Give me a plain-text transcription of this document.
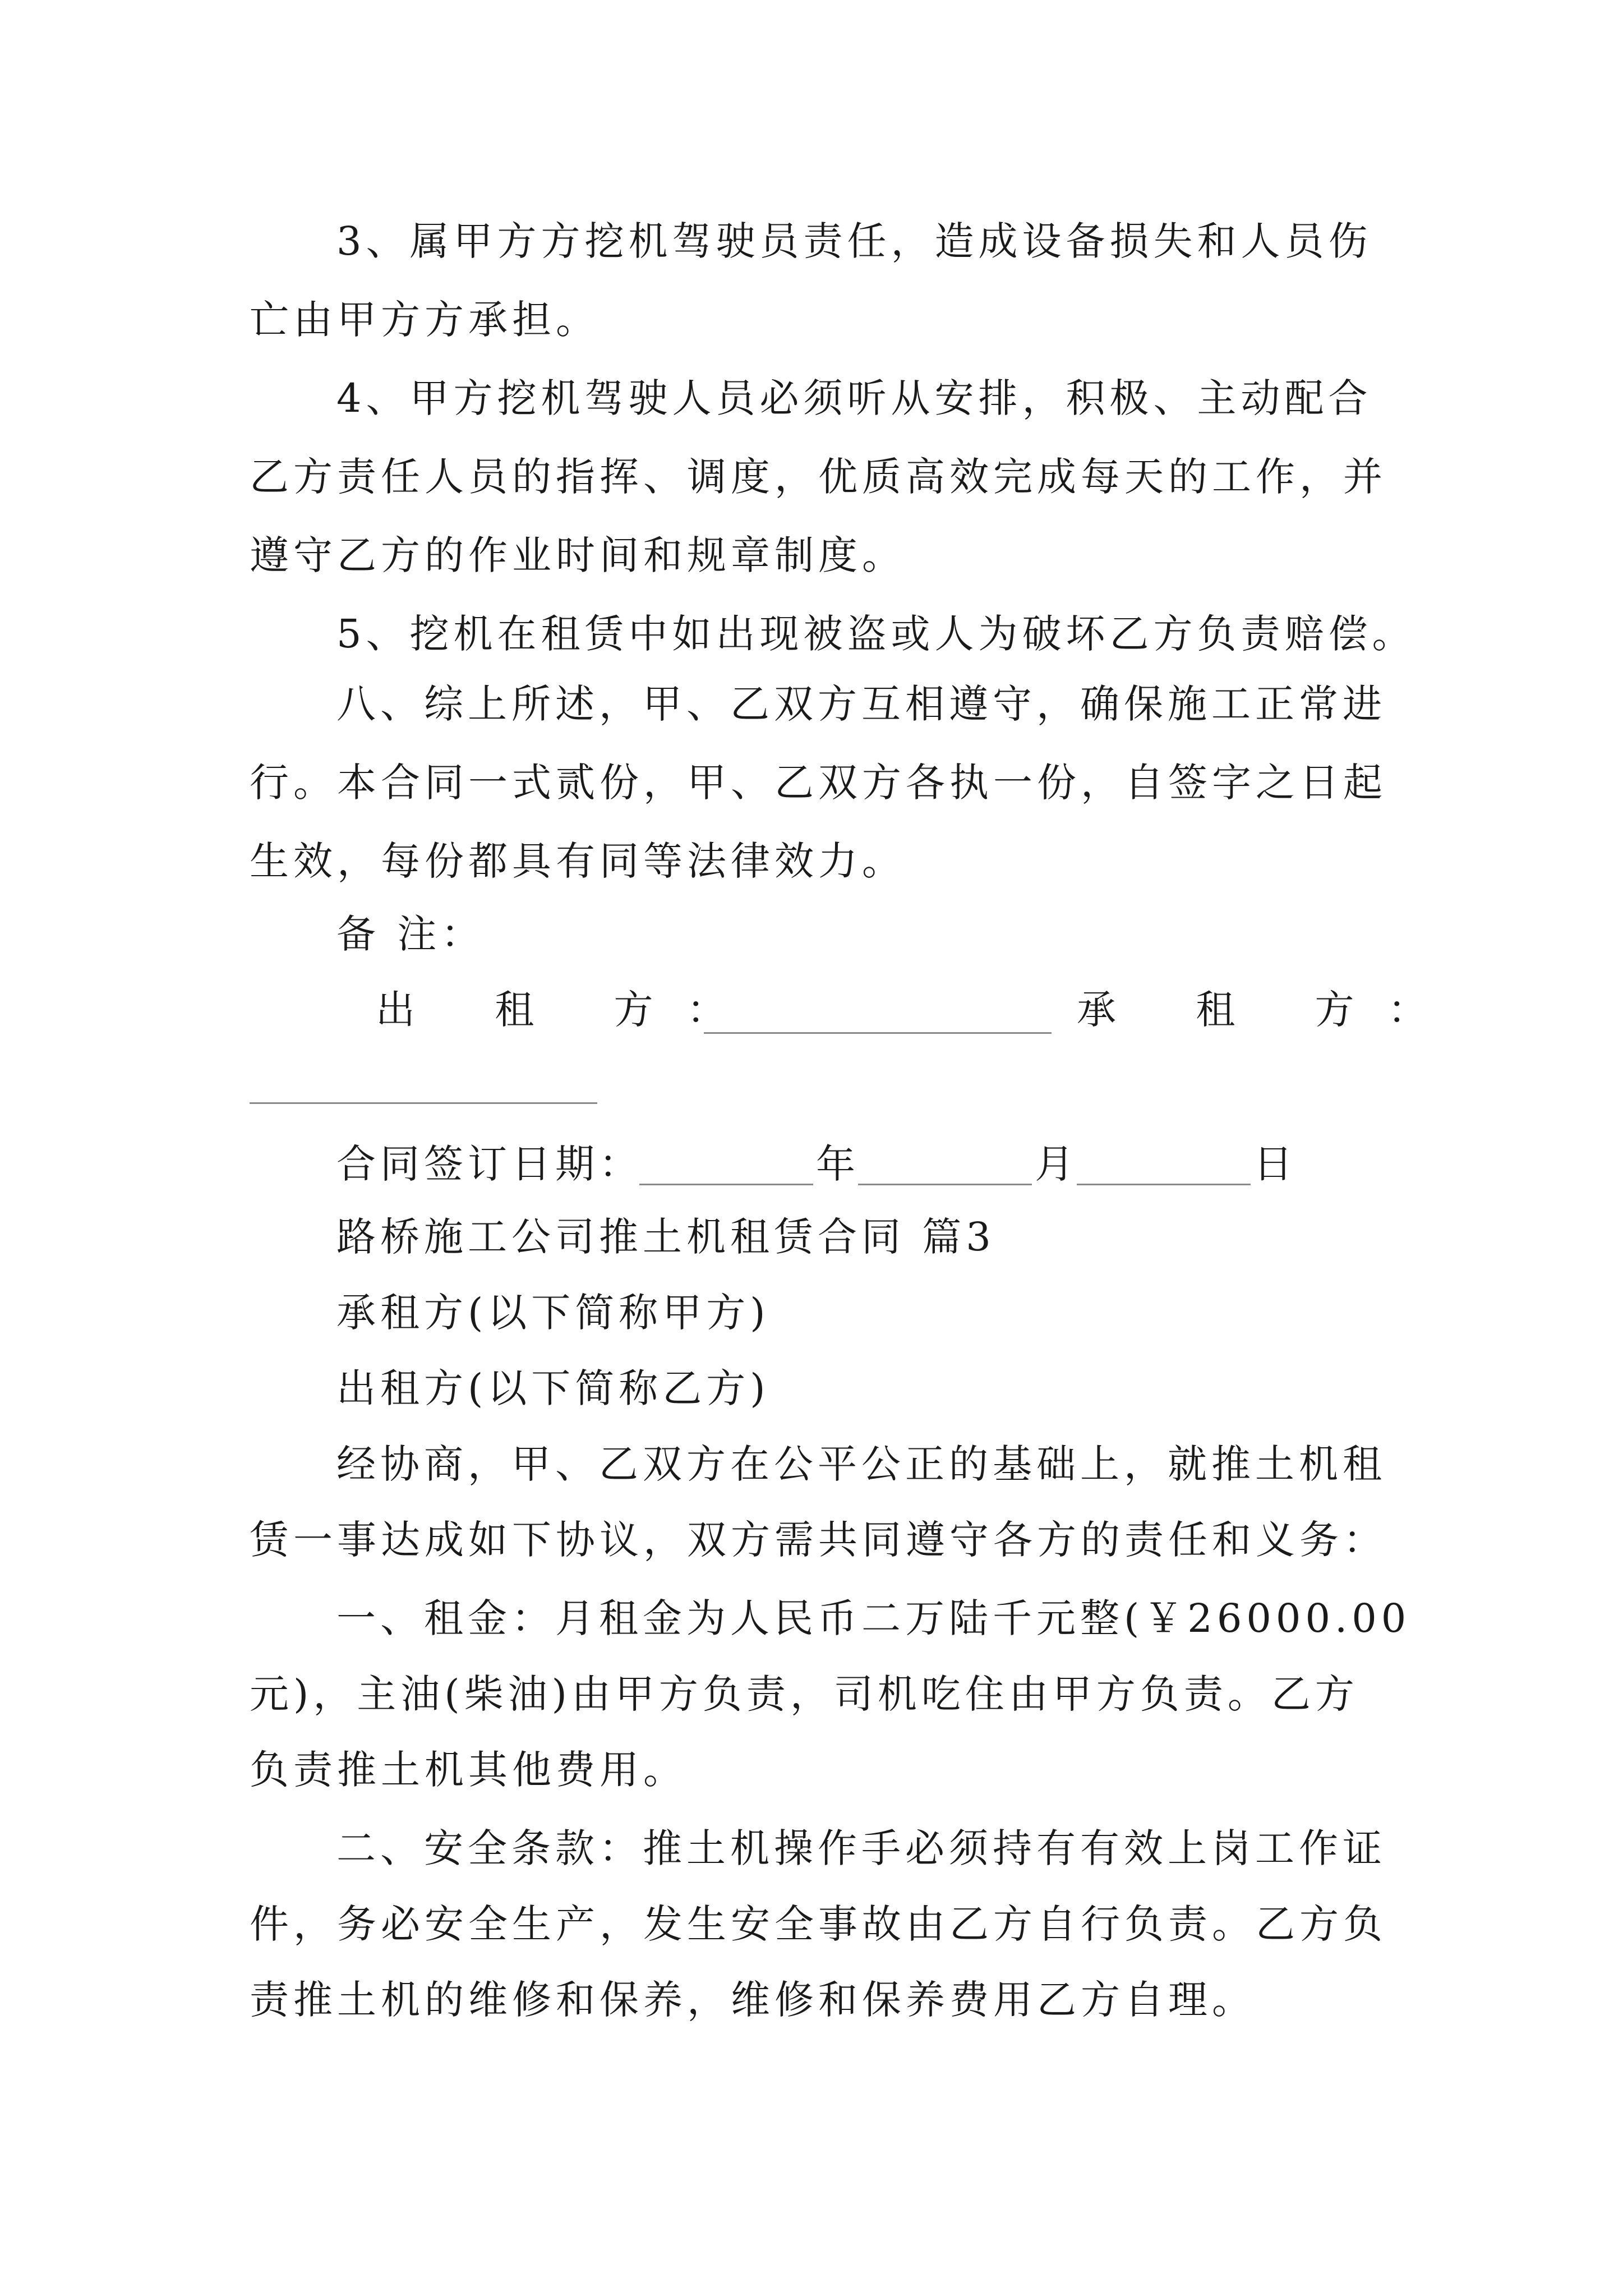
3、属甲方方挖机驾驶员责任，造成设备损失和人员伤
亡由甲方方承担。
4、甲方挖机驾驶人员必须听从安排，积极、主动配合
乙方责任人员的指挥、调度，优质高效完成每天的工作，并
遵守乙方的作业时间和规章制度。
5、挖机在租赁中如出现被盗或人为破坏乙方负责赔偿。
八、综上所述，甲、乙双方互相遵守，确保施工正常进
行。本合同一式贰份，甲、乙双方各执一份，自签字之日起
生效，每份都具有同等法律效力。
备 注：
出 租 方：	承 租 方：
合同签订日期：	年	月	日
路桥施工公司推土机租赁合同 篇3
承租方(以下简称甲方)
出租方(以下简称乙方)
经协商，甲、乙双方在公平公正的基础上，就推土机租
赁一事达成如下协议，双方需共同遵守各方的责任和义务：
一、租金：月租金为人民币二万陆千元整(￥26000.00
元)，主油(柴油)由甲方负责，司机吃住由甲方负责。乙方
负责推土机其他费用。
二、安全条款：推土机操作手必须持有有效上岗工作证
件，务必安全生产，发生安全事故由乙方自行负责。乙方负
责推土机的维修和保养，维修和保养费用乙方自理。
